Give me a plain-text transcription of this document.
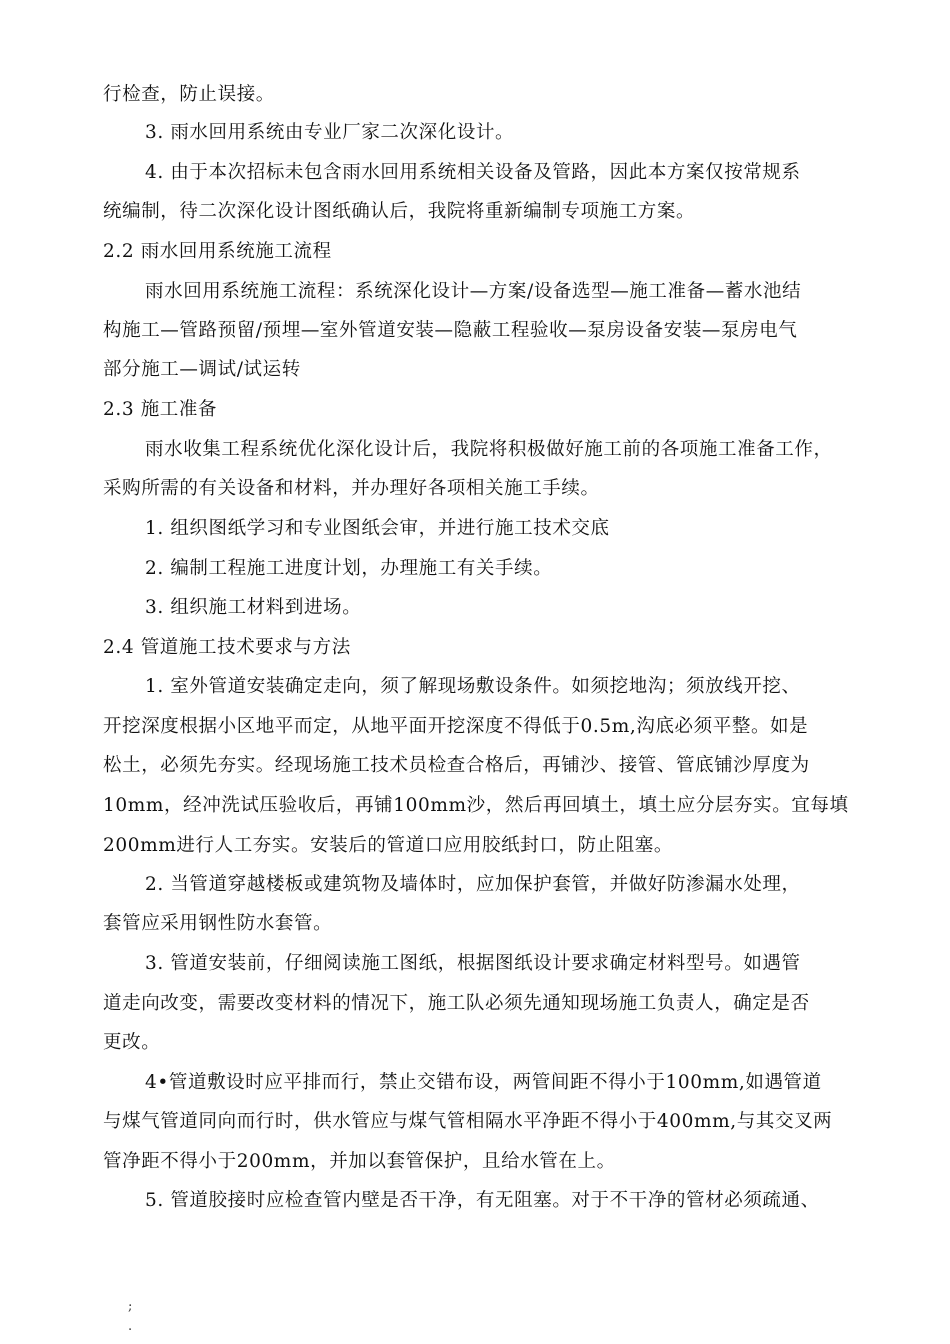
行检查，防止误接。
3. 雨水回用系统由专业厂家二次深化设计。
4. 由于本次招标未包含雨水回用系统相关设备及管路，因此本方案仅按常规系
统编制，待二次深化设计图纸确认后，我院将重新编制专项施工方案。
2.2 雨水回用系统施工流程
雨水回用系统施工流程：系统深化设计—方案/设备选型—施工准备—蓄水池结
构施工—管路预留/预埋—室外管道安装—隐蔽工程验收—泵房设备安装—泵房电气
部分施工—调试/试运转
2.3 施工准备
雨水收集工程系统优化深化设计后，我院将积极做好施工前的各项施工准备工作，
采购所需的有关设备和材料，并办理好各项相关施工手续。
1. 组织图纸学习和专业图纸会审，并进行施工技术交底
2. 编制工程施工进度计划，办理施工有关手续。
3. 组织施工材料到进场。
2.4 管道施工技术要求与方法
1. 室外管道安装确定走向，须了解现场敷设条件。如须挖地沟；须放线开挖、
开挖深度根据小区地平而定，从地平面开挖深度不得低于0.5m,沟底必须平整。如是
松土，必须先夯实。经现场施工技术员检查合格后，再铺沙、接管、管底铺沙厚度为
10mm，经冲洗试压验收后，再铺100mm沙，然后再回填土，填土应分层夯实。宜每填
200mm进行人工夯实。安装后的管道口应用胶纸封口，防止阻塞。
2. 当管道穿越楼板或建筑物及墙体时，应加保护套管，并做好防渗漏水处理，
套管应采用钢性防水套管。
3. 管道安装前，仔细阅读施工图纸，根据图纸设计要求确定材料型号。如遇管
道走向改变，需要改变材料的情况下，施工队必须先通知现场施工负责人，确定是否
更改。
4•管道敷设时应平排而行，禁止交错布设，两管间距不得小于100mm,如遇管道
与煤气管道同向而行时，供水管应与煤气管相隔水平净距不得小于400mm,与其交叉两
管净距不得小于200mm，并加以套管保护，且给水管在上。
5. 管道胶接时应检查管内壁是否干净，有无阻塞。对于不干净的管材必须疏通、
;
.
